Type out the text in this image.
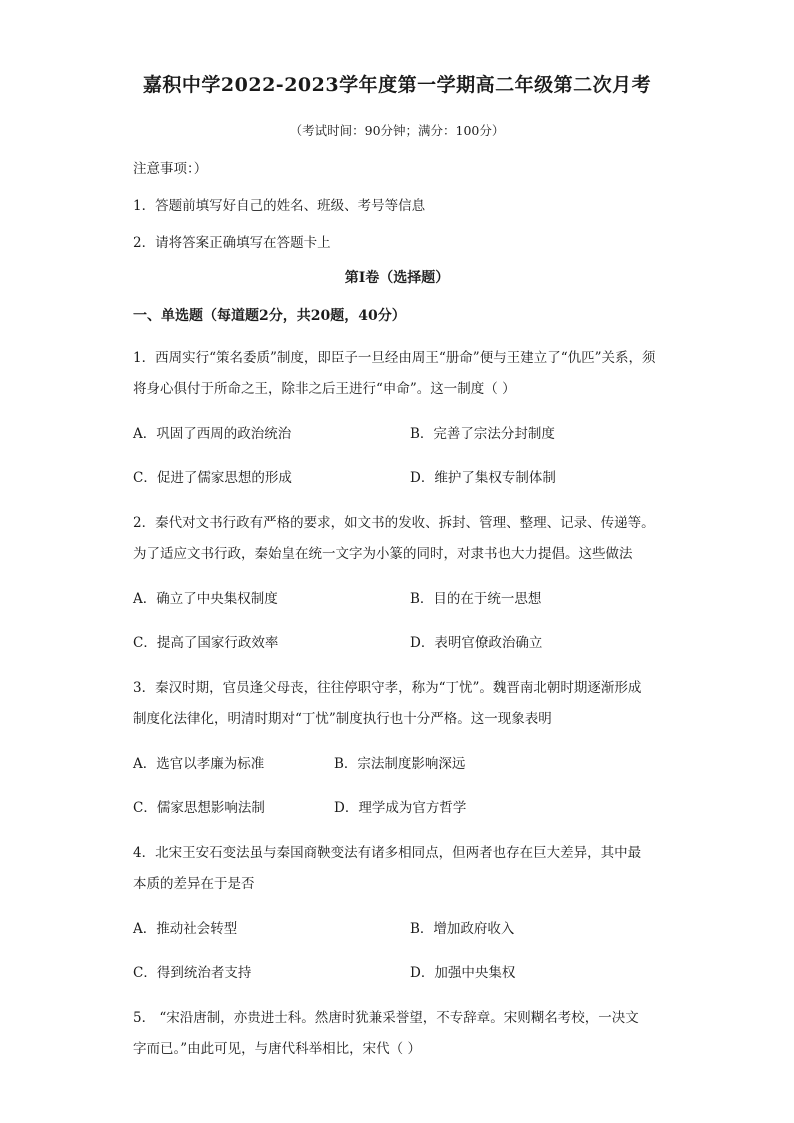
嘉积中学2022-2023学年度第一学期高二年级第二次月考
（考试时间：90分钟；满分：100分）
注意事项：）
1．答题前填写好自己的姓名、班级、考号等信息
2．请将答案正确填写在答题卡上
第I卷（选择题）
一、单选题（每道题2分，共20题，40分）
1．西周实行“策名委质”制度，即臣子一旦经由周王“册命”便与王建立了“仇匹”关系，须
将身心俱付于所命之王，除非之后王进行“申命”。这一制度（ ）
A．巩固了西周的政治统治	B．完善了宗法分封制度
C．促进了儒家思想的形成	D．维护了集权专制体制
2．秦代对文书行政有严格的要求，如文书的发收、拆封、管理、整理、记录、传递等。
为了适应文书行政，秦始皇在统一文字为小篆的同时，对隶书也大力提倡。这些做法
A．确立了中央集权制度	B．目的在于统一思想
C．提高了国家行政效率	D．表明官僚政治确立
3．秦汉时期，官员逢父母丧，往往停职守孝，称为“丁忧”。魏晋南北朝时期逐渐形成
制度化法律化，明清时期对“丁忧”制度执行也十分严格。这一现象表明
A．选官以孝廉为标准	B．宗法制度影响深远
C．儒家思想影响法制	D．理学成为官方哲学
4．北宋王安石变法虽与秦国商鞅变法有诸多相同点，但两者也存在巨大差异，其中最
本质的差异在于是否
A．推动社会转型	B．增加政府收入
C．得到统治者支持	D．加强中央集权
5． “宋沿唐制，亦贵进士科。然唐时犹兼采誉望，不专辞章。宋则糊名考校，一决文
字而已。”由此可见，与唐代科举相比，宋代（ ）
